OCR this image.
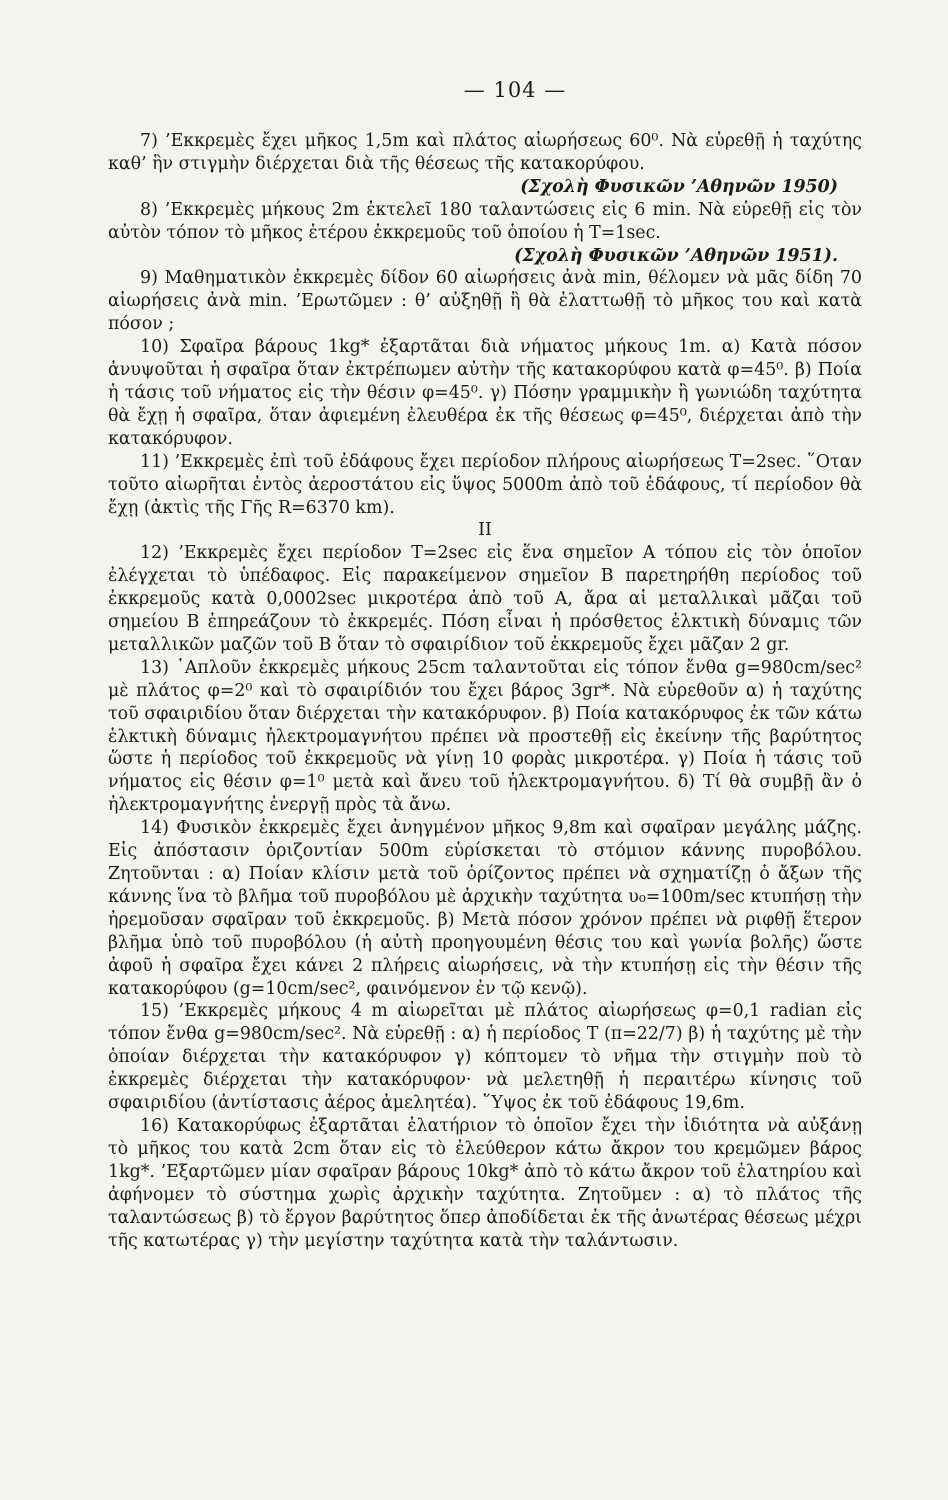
— 104 —

7) ’Εκκρεμὲς ἔχει μῆκος 1,5m καὶ πλάτος αἰωρήσεως 60⁰. Νὰ εὑρεθῇ ἡ ταχύτης καθ’ ἣν στιγμὴν διέρχεται διὰ τῆς θέσεως τῆς κατακορύφου.

(Σχολὴ Φυσικῶν ’Αθηνῶν 1950)

8) ’Εκκρεμὲς μήκους 2m ἐκτελεῖ 180 ταλαντώσεις εἰς 6 min. Νὰ εὑρεθῇ εἰς τὸν αὐτὸν τόπον τὸ μῆκος ἑτέρου ἐκκρεμοῦς τοῦ ὁποίου ἡ T=1sec.

(Σχολὴ Φυσικῶν ’Αθηνῶν 1951).

9) Μαθηματικὸν ἐκκρεμὲς δίδον 60 αἰωρήσεις ἀνὰ min, θέλομεν νὰ μᾶς δίδη 70 αἰωρήσεις ἀνὰ min. ’Ερωτῶμεν : θ’ αὐξηθῇ ἢ θὰ ἐλαττωθῇ τὸ μῆκος του καὶ κατὰ πόσον ;

10) Σφαῖρα βάρους 1kg* ἐξαρτᾶται διὰ νήματος μήκους 1m. α) Κατὰ πόσον ἀνυψοῦται ἡ σφαῖρα ὅταν ἐκτρέπωμεν αὐτὴν τῆς κατακορύφου κατὰ φ=45⁰. β) Ποία ἡ τάσις τοῦ νήματος εἰς τὴν θέσιν φ=45⁰. γ) Πόσην γραμμικὴν ἢ γωνιώδη ταχύτητα θὰ ἔχῃ ἡ σφαῖρα, ὅταν ἀφιεμένη ἐλευθέρα ἐκ τῆς θέσεως φ=45⁰, διέρχεται ἀπὸ τὴν κατακόρυφον.

11) ’Εκκρεμὲς ἐπὶ τοῦ ἐδάφους ἔχει περίοδον πλήρους αἰωρήσεως T=2sec. ῞Οταν τοῦτο αἰωρῆται ἐντὸς ἀεροστάτου εἰς ὕψος 5000m ἀπὸ τοῦ ἐδάφους, τί περίοδον θὰ ἔχῃ (ἀκτὶς τῆς Γῆς R=6370 km).

II

12) ’Εκκρεμὲς ἔχει περίοδον T=2sec εἰς ἕνα σημεῖον A τόπου εἰς τὸν ὁποῖον ἐλέγχεται τὸ ὑπέδαφος. Εἰς παρακείμενον σημεῖον B παρετηρήθη περίοδος τοῦ ἐκκρεμοῦς κατὰ 0,0002sec μικροτέρα ἀπὸ τοῦ A, ἄρα αἱ μεταλλικαὶ μᾶζαι τοῦ σημείου B ἐπηρεάζουν τὸ ἐκκρεμές. Πόση εἶναι ἡ πρόσθετος ἑλκτικὴ δύναμις τῶν μεταλλικῶν μαζῶν τοῦ B ὅταν τὸ σφαιρίδιον τοῦ ἐκκρεμοῦς ἔχει μᾶζαν 2 gr.

13) ῾Απλοῦν ἐκκρεμὲς μήκους 25cm ταλαντοῦται εἰς τόπον ἔνθα g=980cm/sec² μὲ πλάτος φ=2⁰ καὶ τὸ σφαιρίδιόν του ἔχει βάρος 3gr*. Νὰ εὑρεθοῦν α) ἡ ταχύτης τοῦ σφαιριδίου ὅταν διέρχεται τὴν κατακόρυφον. β) Ποία κατακόρυφος ἐκ τῶν κάτω ἑλκτικὴ δύναμις ἠλεκτρομαγνήτου πρέπει νὰ προστεθῇ εἰς ἐκείνην τῆς βαρύτητος ὥστε ἡ περίοδος τοῦ ἐκκρεμοῦς νὰ γίνῃ 10 φορὰς μικροτέρα. γ) Ποία ἡ τάσις τοῦ νήματος εἰς θέσιν φ=1⁰ μετὰ καὶ ἄνευ τοῦ ἠλεκτρομαγνήτου. δ) Τί θὰ συμβῇ ἂν ὁ ἠλεκτρομαγνήτης ἐνεργῇ πρὸς τὰ ἄνω.

14) Φυσικὸν ἐκκρεμὲς ἔχει ἀνηγμένον μῆκος 9,8m καὶ σφαῖραν μεγάλης μάζης. Εἰς ἀπόστασιν ὁριζοντίαν 500m εὑρίσκεται τὸ στόμιον κάννης πυροβόλου. Ζητοῦνται : α) Ποίαν κλίσιν μετὰ τοῦ ὁρίζοντος πρέπει νὰ σχηματίζῃ ὁ ἄξων τῆς κάννης ἵνα τὸ βλῆμα τοῦ πυροβόλου μὲ ἀρχικὴν ταχύτητα υ₀=100m/sec κτυπήσῃ τὴν ἠρεμοῦσαν σφαῖραν τοῦ ἐκκρεμοῦς. β) Μετὰ πόσον χρόνον πρέπει νὰ ριφθῇ ἕτερον βλῆμα ὑπὸ τοῦ πυροβόλου (ἡ αὐτὴ προηγουμένη θέσις του καὶ γωνία βολῆς) ὥστε ἀφοῦ ἡ σφαῖρα ἔχει κάνει 2 πλήρεις αἰωρήσεις, νὰ τὴν κτυπήσῃ εἰς τὴν θέσιν τῆς κατακορύφου (g=10cm/sec², φαινόμενον ἐν τῷ κενῷ).

15) ’Εκκρεμὲς μήκους 4 m αἰωρεῖται μὲ πλάτος αἰωρήσεως φ=0,1 radian εἰς τόπον ἔνθα g=980cm/sec². Νὰ εὑρεθῇ : α) ἡ περίοδος T (π=22/7) β) ἡ ταχύτης μὲ τὴν ὁποίαν διέρχεται τὴν κατακόρυφον γ) κόπτομεν τὸ νῆμα τὴν στιγμὴν ποὺ τὸ ἐκκρεμὲς διέρχεται τὴν κατακόρυφον· νὰ μελετηθῇ ἡ περαιτέρω κίνησις τοῦ σφαιριδίου (ἀντίστασις ἀέρος ἀμελητέα). ῞Υψος ἐκ τοῦ ἐδάφους 19,6m.

16) Κατακορύφως ἐξαρτᾶται ἐλατήριον τὸ ὁποῖον ἔχει τὴν ἰδιότητα νὰ αὐξάνῃ τὸ μῆκος του κατὰ 2cm ὅταν εἰς τὸ ἐλεύθερον κάτω ἄκρον του κρεμῶμεν βάρος 1kg*. ’Εξαρτῶμεν μίαν σφαῖραν βάρους 10kg* ἀπὸ τὸ κάτω ἄκρον τοῦ ἐλατηρίου καὶ ἀφήνομεν τὸ σύστημα χωρὶς ἀρχικὴν ταχύτητα. Ζητοῦμεν : α) τὸ πλάτος τῆς ταλαντώσεως β) τὸ ἔργον βαρύτητος ὅπερ ἀποδίδεται ἐκ τῆς ἀνωτέρας θέσεως μέχρι τῆς κατωτέρας γ) τὴν μεγίστην ταχύτητα κατὰ τὴν ταλάντωσιν.
